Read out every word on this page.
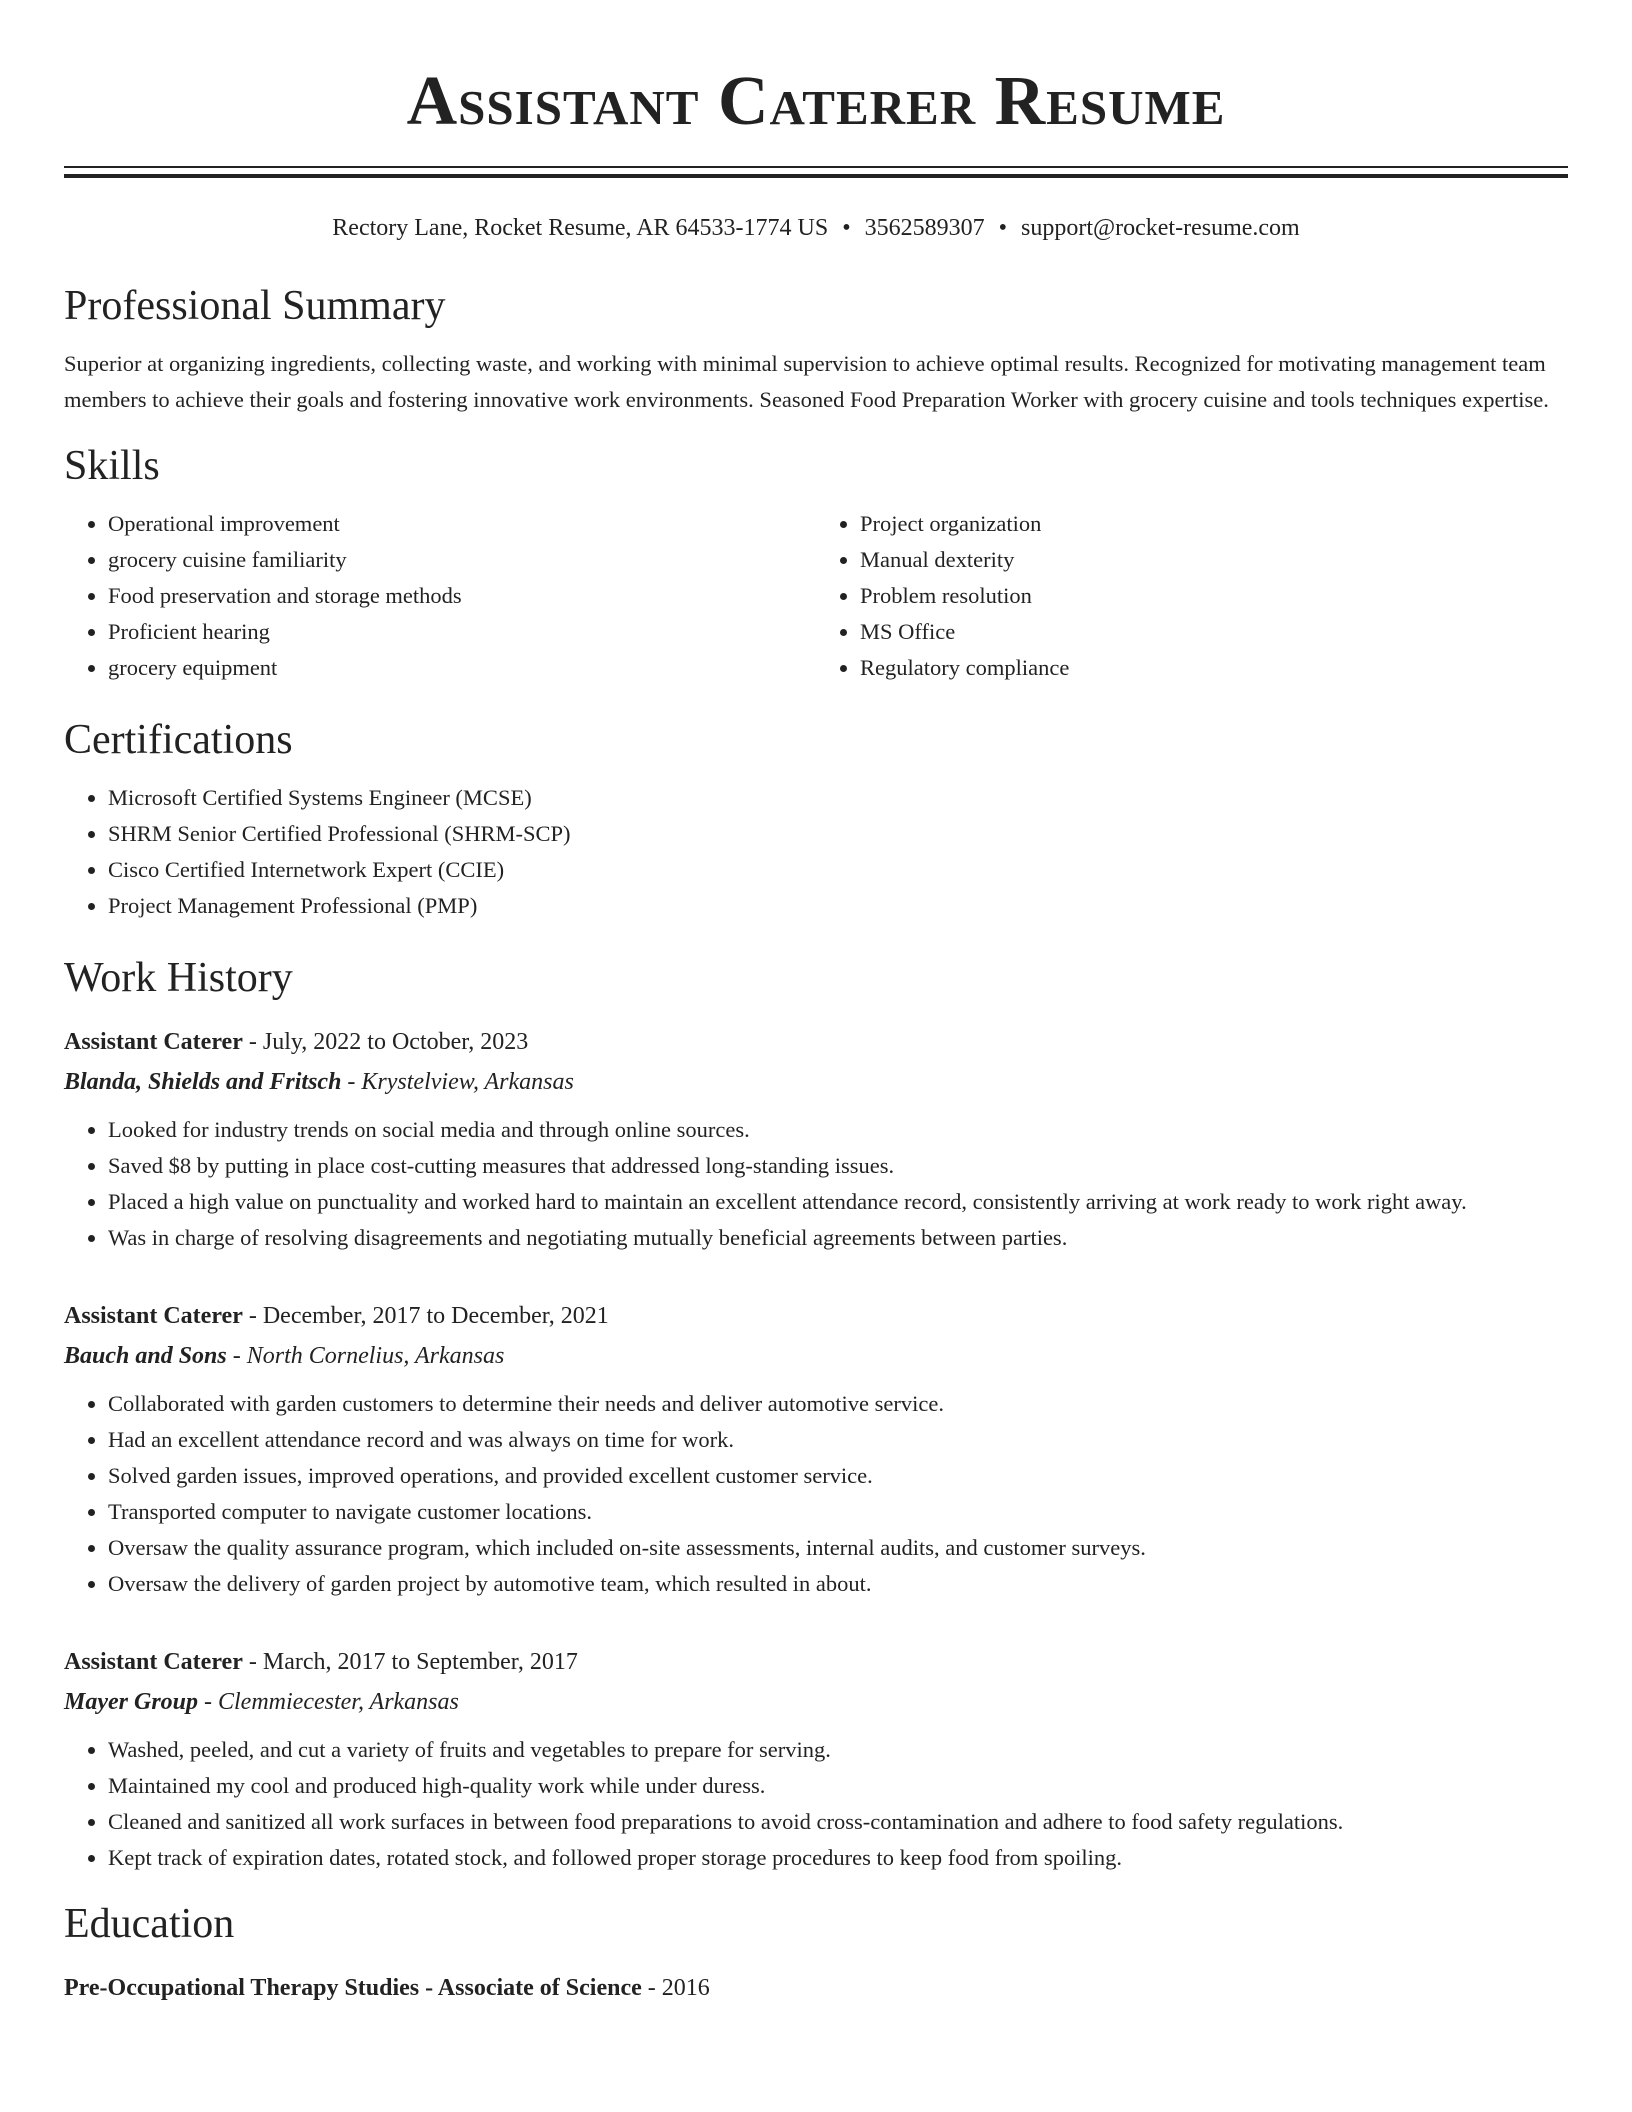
Assistant Caterer Resume
Rectory Lane, Rocket Resume, AR 64533-1774 US • 3562589307 • support@rocket-resume.com
Professional Summary

Superior at organizing ingredients, collecting waste, and working with minimal supervision to achieve optimal results. Recognized for motivating management team members to achieve their goals and fostering innovative work environments. Seasoned Food Preparation Worker with grocery cuisine and tools techniques expertise.

Skills
• Operational improvement
• grocery cuisine familiarity
• Food preservation and storage methods
• Proficient hearing
• grocery equipment
• Project organization
• Manual dexterity
• Problem resolution
• MS Office
• Regulatory compliance
Certifications
• Microsoft Certified Systems Engineer (MCSE)
• SHRM Senior Certified Professional (SHRM-SCP)
• Cisco Certified Internetwork Expert (CCIE)
• Project Management Professional (PMP)
Work History
Assistant Caterer - July, 2022 to October, 2023
Blanda, Shields and Fritsch - Krystelview, Arkansas
• Looked for industry trends on social media and through online sources.
• Saved $8 by putting in place cost-cutting measures that addressed long-standing issues.
• Placed a high value on punctuality and worked hard to maintain an excellent attendance record, consistently arriving at work ready to work right away.
• Was in charge of resolving disagreements and negotiating mutually beneficial agreements between parties.
Assistant Caterer - December, 2017 to December, 2021
Bauch and Sons - North Cornelius, Arkansas
• Collaborated with garden customers to determine their needs and deliver automotive service.
• Had an excellent attendance record and was always on time for work.
• Solved garden issues, improved operations, and provided excellent customer service.
• Transported computer to navigate customer locations.
• Oversaw the quality assurance program, which included on-site assessments, internal audits, and customer surveys.
• Oversaw the delivery of garden project by automotive team, which resulted in about.
Assistant Caterer - March, 2017 to September, 2017
Mayer Group - Clemmiecester, Arkansas
• Washed, peeled, and cut a variety of fruits and vegetables to prepare for serving.
• Maintained my cool and produced high-quality work while under duress.
• Cleaned and sanitized all work surfaces in between food preparations to avoid cross-contamination and adhere to food safety regulations.
• Kept track of expiration dates, rotated stock, and followed proper storage procedures to keep food from spoiling.
Education
Pre-Occupational Therapy Studies - Associate of Science - 2016
